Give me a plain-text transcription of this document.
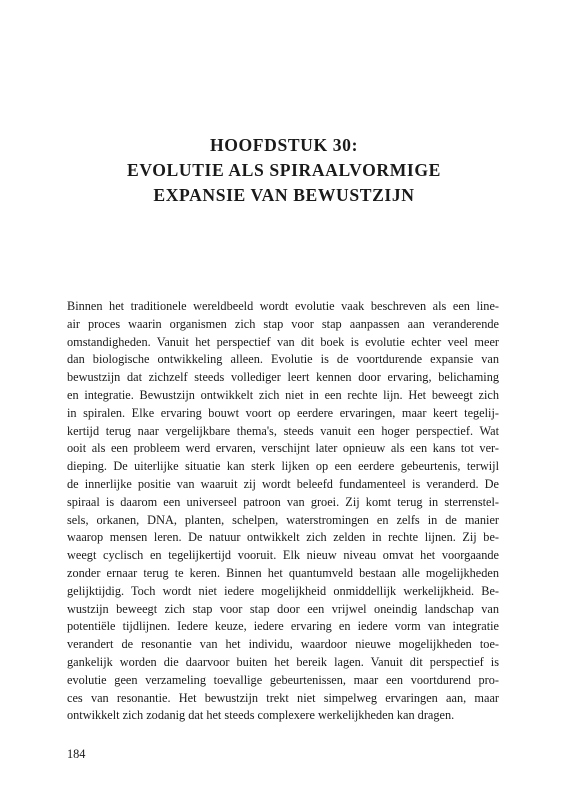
HOOFDSTUK 30:
EVOLUTIE ALS SPIRAALVORMIGE
EXPANSIE VAN BEWUSTZIJN
Binnen het traditionele wereldbeeld wordt evolutie vaak beschreven als een line-
air proces waarin organismen zich stap voor stap aanpassen aan veranderende
omstandigheden. Vanuit het perspectief van dit boek is evolutie echter veel meer
dan biologische ontwikkeling alleen. Evolutie is de voortdurende expansie van
bewustzijn dat zichzelf steeds vollediger leert kennen door ervaring, belichaming
en integratie. Bewustzijn ontwikkelt zich niet in een rechte lijn. Het beweegt zich
in spiralen. Elke ervaring bouwt voort op eerdere ervaringen, maar keert tegelij-
kertijd terug naar vergelijkbare thema's, steeds vanuit een hoger perspectief. Wat
ooit als een probleem werd ervaren, verschijnt later opnieuw als een kans tot ver-
dieping. De uiterlijke situatie kan sterk lijken op een eerdere gebeurtenis, terwijl
de innerlijke positie van waaruit zij wordt beleefd fundamenteel is veranderd. De
spiraal is daarom een universeel patroon van groei. Zij komt terug in sterrenstel-
sels, orkanen, DNA, planten, schelpen, waterstromingen en zelfs in de manier
waarop mensen leren. De natuur ontwikkelt zich zelden in rechte lijnen. Zij be-
weegt cyclisch en tegelijkertijd vooruit. Elk nieuw niveau omvat het voorgaande
zonder ernaar terug te keren. Binnen het quantumveld bestaan alle mogelijkheden
gelijktijdig. Toch wordt niet iedere mogelijkheid onmiddellijk werkelijkheid. Be-
wustzijn beweegt zich stap voor stap door een vrijwel oneindig landschap van
potentiële tijdlijnen. Iedere keuze, iedere ervaring en iedere vorm van integratie
verandert de resonantie van het individu, waardoor nieuwe mogelijkheden toe-
gankelijk worden die daarvoor buiten het bereik lagen. Vanuit dit perspectief is
evolutie geen verzameling toevallige gebeurtenissen, maar een voortdurend pro-
ces van resonantie. Het bewustzijn trekt niet simpelweg ervaringen aan, maar
ontwikkelt zich zodanig dat het steeds complexere werkelijkheden kan dragen.
184
